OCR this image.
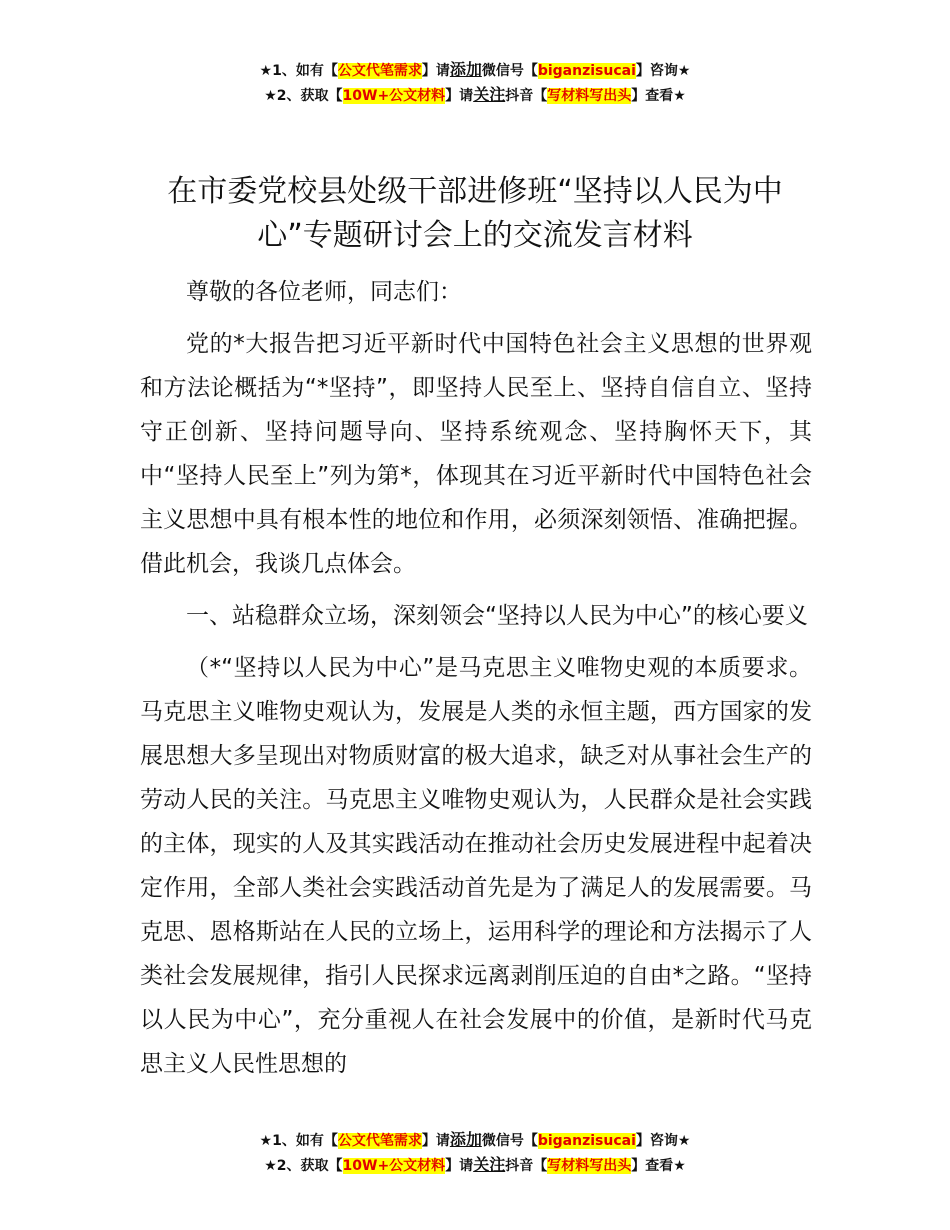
★1、如有【公文代笔需求】请添加微信号【biganzisucai】咨询★
★2、获取【10W+公文材料】请关注抖音【写材料写出头】查看★
在市委党校县处级干部进修班“坚持以人民为中心”专题研讨会上的交流发言材料

尊敬的各位老师，同志们：

党的*大报告把习近平新时代中国特色社会主义思想的世界观和方法论概括为“*坚持”，即坚持人民至上、坚持自信自立、坚持守正创新、坚持问题导向、坚持系统观念、坚持胸怀天下，其中“坚持人民至上”列为第*，体现其在习近平新时代中国特色社会主义思想中具有根本性的地位和作用，必须深刻领悟、准确把握。借此机会，我谈几点体会。

一、站稳群众立场，深刻领会“坚持以人民为中心”的核心要义

（*“坚持以人民为中心”是马克思主义唯物史观的本质要求。马克思主义唯物史观认为，发展是人类的永恒主题，西方国家的发展思想大多呈现出对物质财富的极大追求，缺乏对从事社会生产的劳动人民的关注。马克思主义唯物史观认为，人民群众是社会实践的主体，现实的人及其实践活动在推动社会历史发展进程中起着决定作用，全部人类社会实践活动首先是为了满足人的发展需要。马克思、恩格斯站在人民的立场上，运用科学的理论和方法揭示了人类社会发展规律，指引人民探求远离剥削压迫的自由*之路。“坚持以人民为中心”，充分重视人在社会发展中的价值，是新时代马克思主义人民性思想的

★1、如有【公文代笔需求】请添加微信号【biganzisucai】咨询★
★2、获取【10W+公文材料】请关注抖音【写材料写出头】查看★
